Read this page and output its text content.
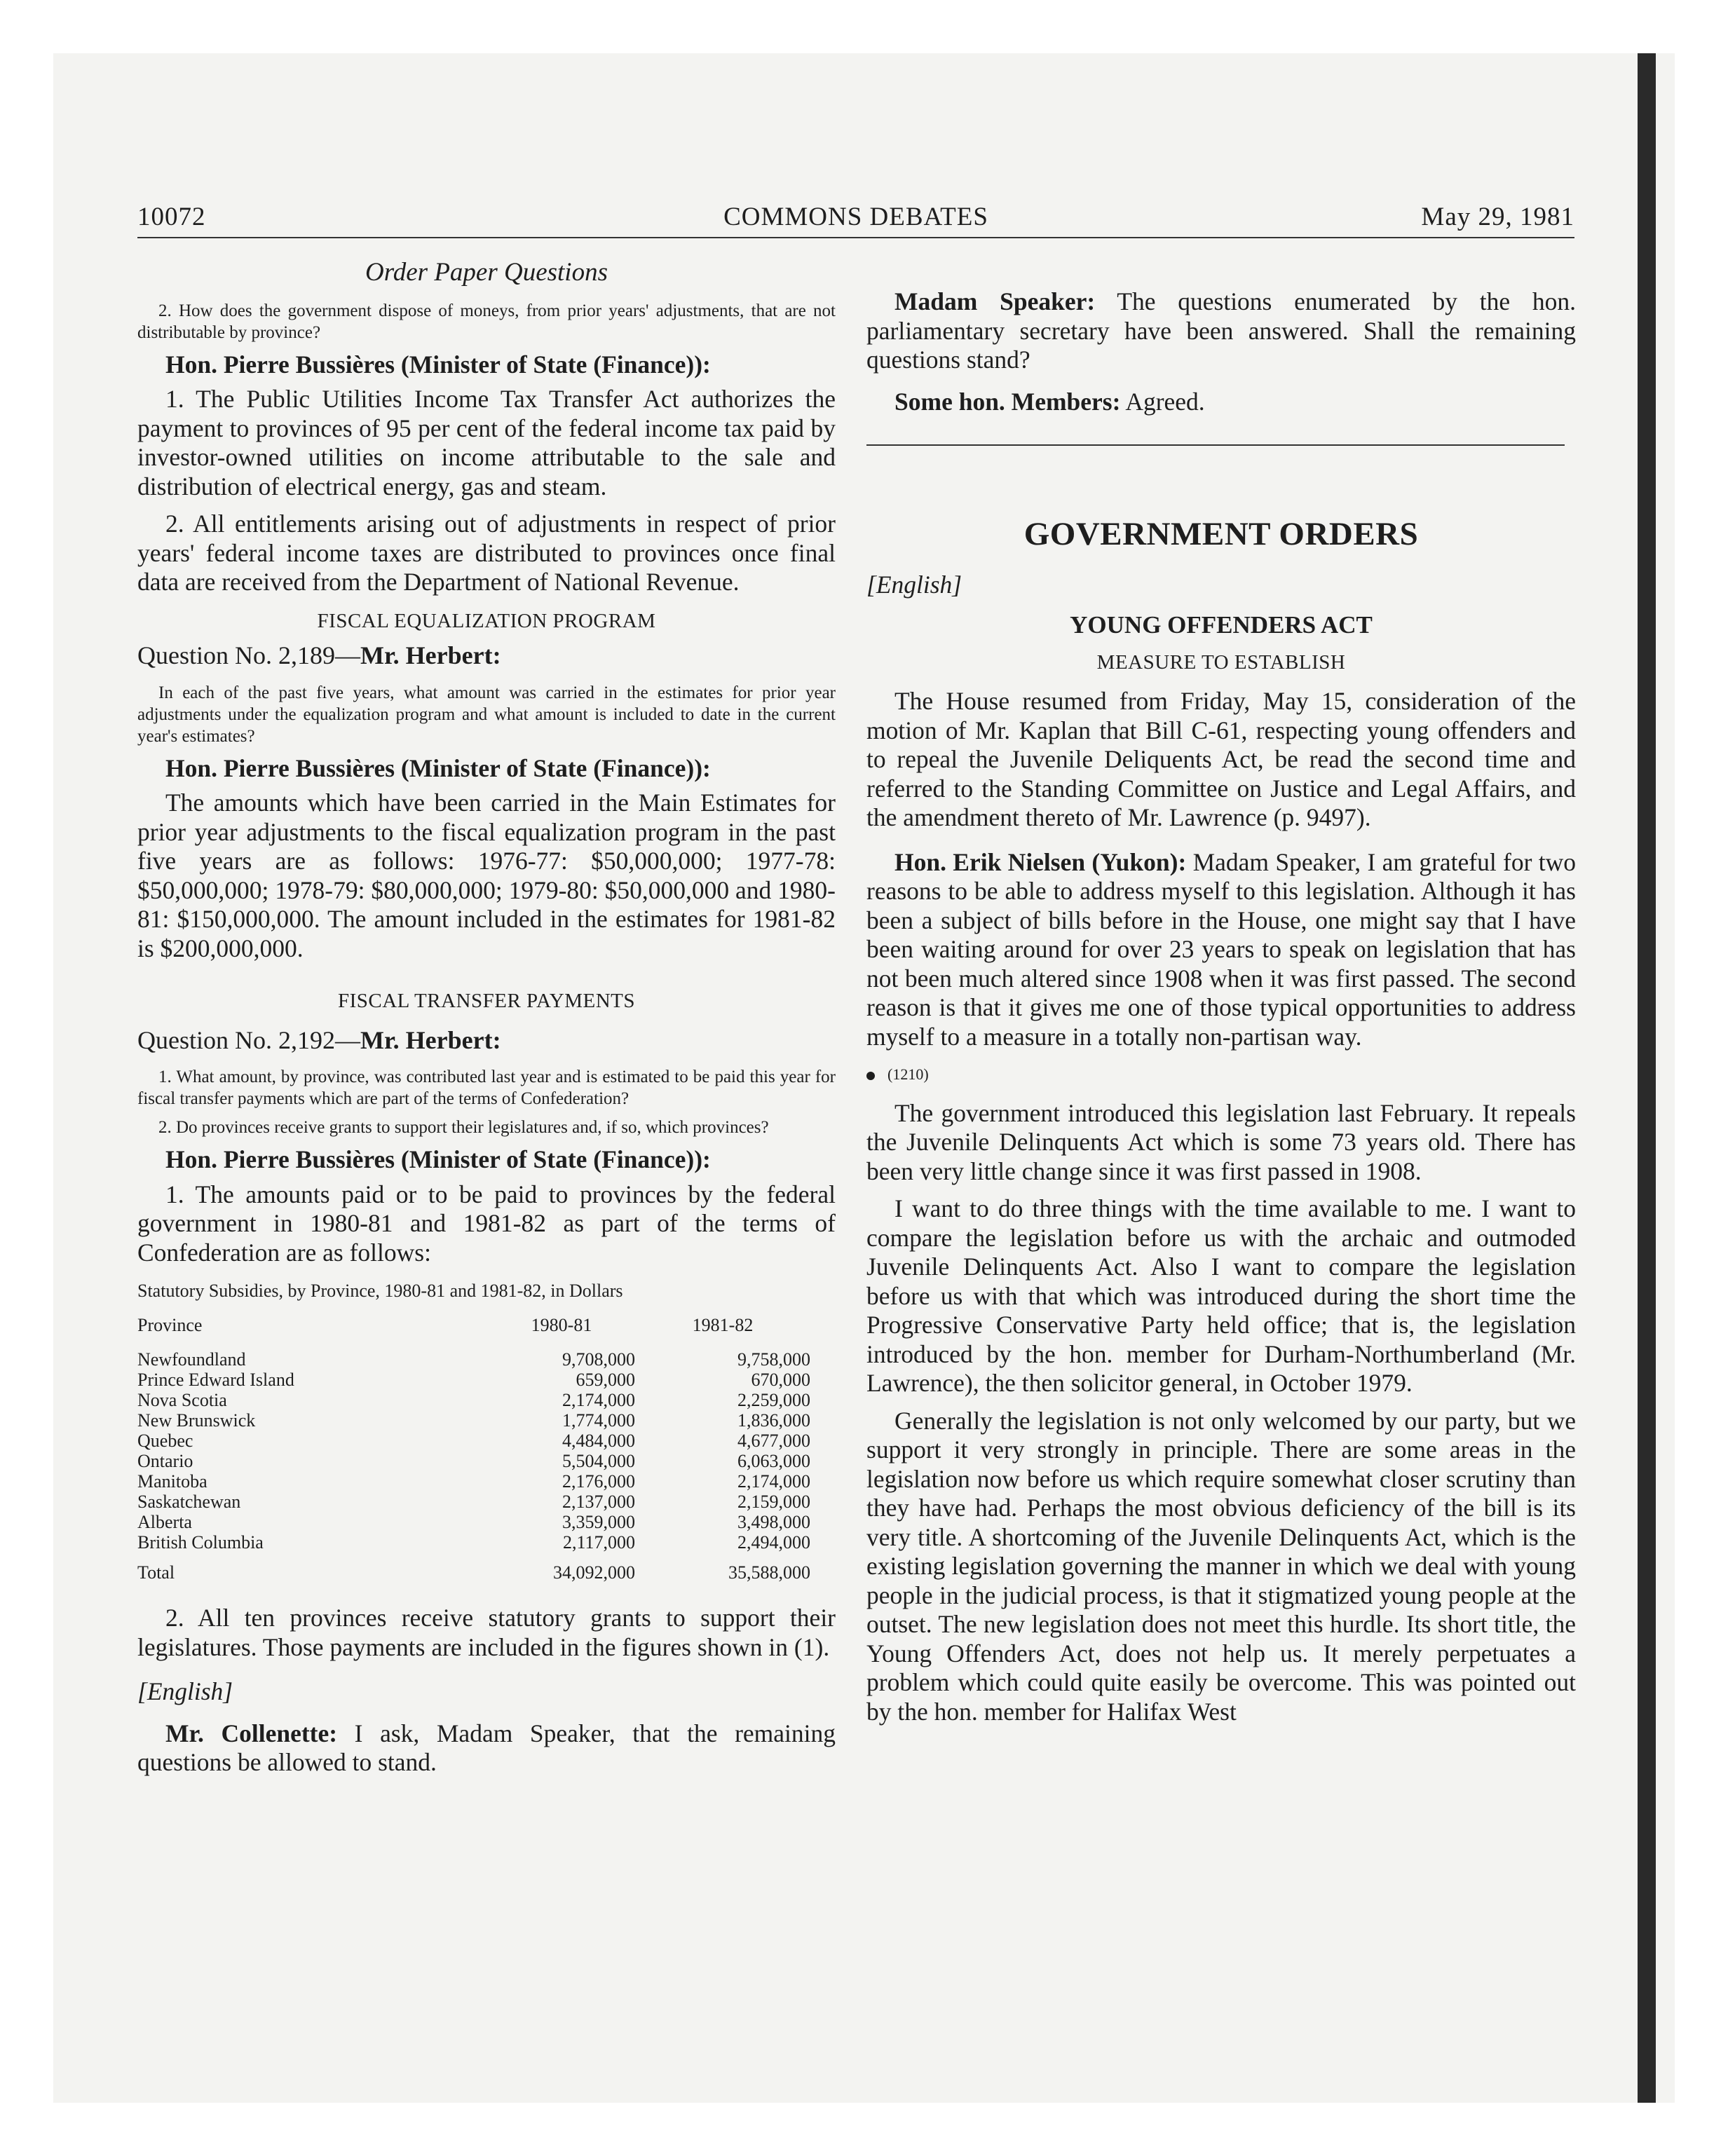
10072	COMMONS DEBATES	May 29, 1981
Order Paper Questions

2. How does the government dispose of moneys, from prior years' adjustments, that are not distributable by province?

Hon. Pierre Bussières (Minister of State (Finance)):

1. The Public Utilities Income Tax Transfer Act authorizes the payment to provinces of 95 per cent of the federal income tax paid by investor-owned utilities on income attributable to the sale and distribution of electrical energy, gas and steam.

2. All entitlements arising out of adjustments in respect of prior years' federal income taxes are distributed to provinces once final data are received from the Department of National Revenue.

FISCAL EQUALIZATION PROGRAM
Question No. 2,189—Mr. Herbert:

In each of the past five years, what amount was carried in the estimates for prior year adjustments under the equalization program and what amount is included to date in the current year's estimates?

Hon. Pierre Bussières (Minister of State (Finance)):

The amounts which have been carried in the Main Estimates for prior year adjustments to the fiscal equalization program in the past five years are as follows: 1976-77: $50,000,000; 1977-78: $50,000,000; 1978-79: $80,000,000; 1979-80: $50,000,000 and 1980-81: $150,000,000. The amount included in the estimates for 1981-82 is $200,000,000.

FISCAL TRANSFER PAYMENTS
Question No. 2,192—Mr. Herbert:

1. What amount, by province, was contributed last year and is estimated to be paid this year for fiscal transfer payments which are part of the terms of Confederation?

2. Do provinces receive grants to support their legislatures and, if so, which provinces?

Hon. Pierre Bussières (Minister of State (Finance)):

1. The amounts paid or to be paid to provinces by the federal government in 1980-81 and 1981-82 as part of the terms of Confederation are as follows:

Statutory Subsidies, by Province, 1980-81 and 1981-82, in Dollars
Province	1980-81	1981-82
Newfoundland	9,708,000	9,758,000
Prince Edward Island	659,000	670,000
Nova Scotia	2,174,000	2,259,000
New Brunswick	1,774,000	1,836,000
Quebec	4,484,000	4,677,000
Ontario	5,504,000	6,063,000
Manitoba	2,176,000	2,174,000
Saskatchewan	2,137,000	2,159,000
Alberta	3,359,000	3,498,000
British Columbia	2,117,000	2,494,000
Total	34,092,000	35,588,000

2. All ten provinces receive statutory grants to support their legislatures. Those payments are included in the figures shown in (1).

[English]

Mr. Collenette: I ask, Madam Speaker, that the remaining questions be allowed to stand.

Madam Speaker: The questions enumerated by the hon. parliamentary secretary have been answered. Shall the remaining questions stand?

Some hon. Members: Agreed.

GOVERNMENT ORDERS

[English]

YOUNG OFFENDERS ACT
MEASURE TO ESTABLISH

The House resumed from Friday, May 15, consideration of the motion of Mr. Kaplan that Bill C-61, respecting young offenders and to repeal the Juvenile Deliquents Act, be read the second time and referred to the Standing Committee on Justice and Legal Affairs, and the amendment thereto of Mr. Lawrence (p. 9497).

Hon. Erik Nielsen (Yukon): Madam Speaker, I am grateful for two reasons to be able to address myself to this legislation. Although it has been a subject of bills before in the House, one might say that I have been waiting around for over 23 years to speak on legislation that has not been much altered since 1908 when it was first passed. The second reason is that it gives me one of those typical opportunities to address myself to a measure in a totally non-partisan way.

(1210)

The government introduced this legislation last February. It repeals the Juvenile Delinquents Act which is some 73 years old. There has been very little change since it was first passed in 1908.

I want to do three things with the time available to me. I want to compare the legislation before us with the archaic and outmoded Juvenile Delinquents Act. Also I want to compare the legislation before us with that which was introduced during the short time the Progressive Conservative Party held office; that is, the legislation introduced by the hon. member for Durham-Northumberland (Mr. Lawrence), the then solicitor general, in October 1979.

Generally the legislation is not only welcomed by our party, but we support it very strongly in principle. There are some areas in the legislation now before us which require somewhat closer scrutiny than they have had. Perhaps the most obvious deficiency of the bill is its very title. A shortcoming of the Juvenile Delinquents Act, which is the existing legislation governing the manner in which we deal with young people in the judicial process, is that it stigmatized young people at the outset. The new legislation does not meet this hurdle. Its short title, the Young Offenders Act, does not help us. It merely perpetuates a problem which could quite easily be overcome. This was pointed out by the hon. member for Halifax West
